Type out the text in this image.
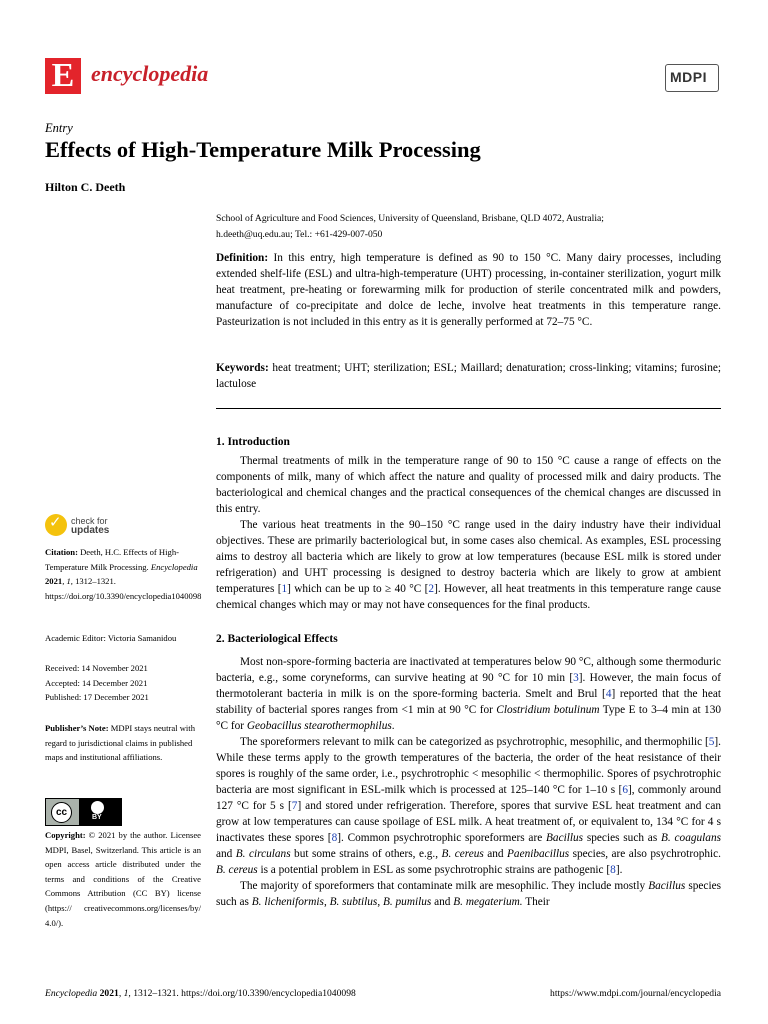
E encyclopedia	MDPI
Entry
Effects of High-Temperature Milk Processing
Hilton C. Deeth
School of Agriculture and Food Sciences, University of Queensland, Brisbane, QLD 4072, Australia;
h.deeth@uq.edu.au; Tel.: +61-429-007-050
Definition: In this entry, high temperature is defined as 90 to 150 °C. Many dairy processes, including extended shelf-life (ESL) and ultra-high-temperature (UHT) processing, in-container sterilization, yogurt milk heat treatment, pre-heating or forewarming milk for production of sterile concentrated milk and powders, manufacture of co-precipitate and dolce de leche, involve heat treatments in this temperature range. Pasteurization is not included in this entry as it is generally performed at 72–75 °C.
Keywords: heat treatment; UHT; sterilization; ESL; Maillard; denaturation; cross-linking; vitamins; furosine; lactulose
1. Introduction

Thermal treatments of milk in the temperature range of 90 to 150 °C cause a range of effects on the components of milk, many of which affect the nature and quality of processed milk and dairy products. The bacteriological and chemical changes and the practical consequences of the chemical changes are discussed in this entry.

The various heat treatments in the 90–150 °C range used in the dairy industry have their individual objectives. These are primarily bacteriological but, in some cases also chemical. As examples, ESL processing aims to destroy all bacteria which are likely to grow at low temperatures (because ESL milk is stored under refrigeration) and UHT processing is designed to destroy bacteria which are likely to grow at ambient temperatures [1] which can be up to ≥ 40 °C [2]. However, all heat treatments in this temperature range cause chemical changes which may or may not have consequences for the final products.

2. Bacteriological Effects

Most non-spore-forming bacteria are inactivated at temperatures below 90 °C, although some thermoduric bacteria, e.g., some coryneforms, can survive heating at 90 °C for 10 min [3]. However, the main focus of thermotolerant bacteria in milk is on the spore-forming bacteria. Smelt and Brul [4] reported that the heat stability of bacterial spores ranges from <1 min at 90 °C for Clostridium botulinum Type E to 3–4 min at 130 °C for Geobacillus stearothermophilus.

The sporeformers relevant to milk can be categorized as psychrotrophic, mesophilic, and thermophilic [5]. While these terms apply to the growth temperatures of the bacteria, the order of the heat resistance of their spores is roughly of the same order, i.e., psychrotrophic < mesophilic < thermophilic. Spores of psychrotrophic bacteria are most significant in ESL-milk which is processed at 125–140 °C for 1–10 s [6], commonly around 127 °C for 5 s [7] and stored under refrigeration. Therefore, spores that survive ESL heat treatment and can grow at low temperatures can cause spoilage of ESL milk. A heat treatment of, or equivalent to, 134 °C for 4 s inactivates these spores [8]. Common psychrotrophic sporeformers are Bacillus species such as B. coagulans and B. circulans but some strains of others, e.g., B. cereus and Paenibacillus species, are also psychrotrophic. B. cereus is a potential problem in ESL as some psychrotrophic strains are pathogenic [8].

The majority of sporeformers that contaminate milk are mesophilic. They include mostly Bacillus species such as B. licheniformis, B. subtilus, B. pumilus and B. megaterium. Their

✓ check for
updates
Citation: Deeth, H.C. Effects of High-Temperature Milk Processing. Encyclopedia 2021, 1, 1312–1321. https://doi.org/10.3390/encyclopedia1040098
Academic Editor: Victoria Samanidou
Received: 14 November 2021
Accepted: 14 December 2021
Published: 17 December 2021
Publisher’s Note: MDPI stays neutral with regard to jurisdictional claims in published maps and institutional affiliations.
cc	BY
Copyright: © 2021 by the author. Licensee MDPI, Basel, Switzerland. This article is an open access article distributed under the terms and conditions of the Creative Commons Attribution (CC BY) license (https:// creativecommons.org/licenses/by/ 4.0/).
Encyclopedia 2021, 1, 1312–1321. https://doi.org/10.3390/encyclopedia1040098	https://www.mdpi.com/journal/encyclopedia
